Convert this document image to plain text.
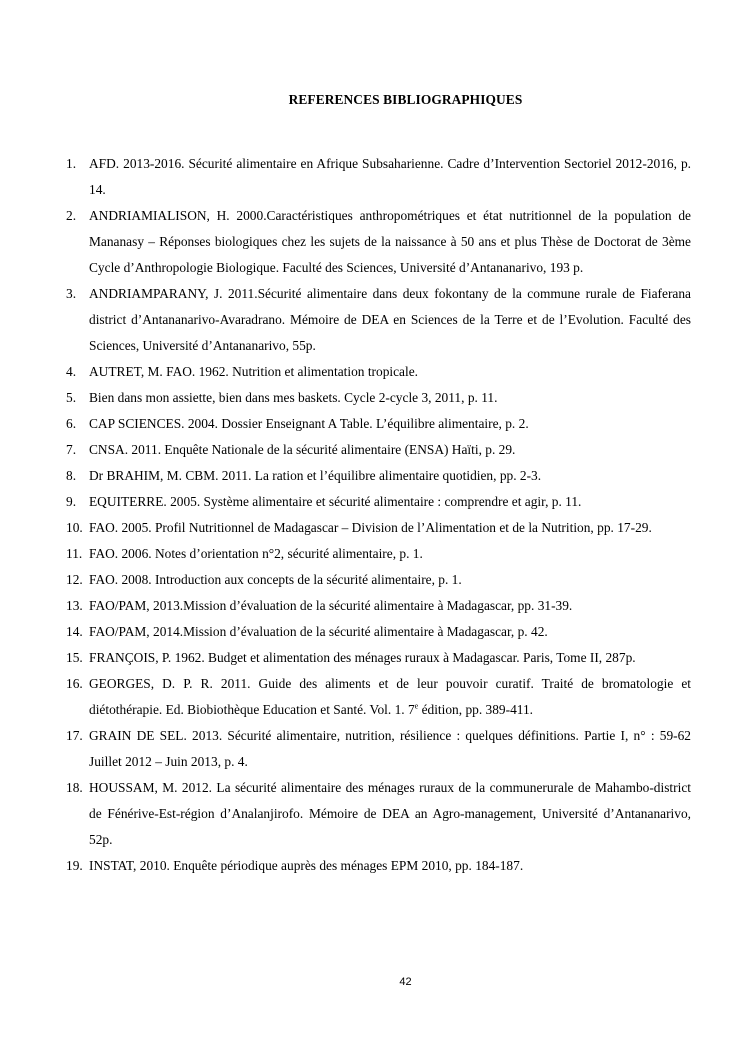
REFERENCES BIBLIOGRAPHIQUES
1. AFD. 2013-2016. Sécurité alimentaire en Afrique Subsaharienne. Cadre d’Intervention Sectoriel 2012-2016, p. 14.
2. ANDRIAMIALISON, H. 2000.Caractéristiques anthropométriques et état nutritionnel de la population de Mananasy – Réponses biologiques chez les sujets de la naissance à 50 ans et plus Thèse de Doctorat de 3ème Cycle d’Anthropologie Biologique. Faculté des Sciences, Université d’Antananarivo, 193 p.
3. ANDRIAMPARANY, J. 2011.Sécurité alimentaire dans deux fokontany de la commune rurale de Fiaferana district d’Antananarivo-Avaradrano. Mémoire de DEA en Sciences de la Terre et de l’Evolution. Faculté des Sciences, Université d’Antananarivo, 55p.
4. AUTRET, M. FAO. 1962. Nutrition et alimentation tropicale.
5. Bien dans mon assiette, bien dans mes baskets. Cycle 2-cycle 3, 2011, p. 11.
6. CAP SCIENCES. 2004. Dossier Enseignant A Table. L’équilibre alimentaire, p. 2.
7. CNSA. 2011. Enquête Nationale de la sécurité alimentaire (ENSA) Haïti, p. 29.
8. Dr BRAHIM, M. CBM. 2011. La ration et l’équilibre alimentaire quotidien, pp. 2-3.
9. EQUITERRE. 2005. Système alimentaire et sécurité alimentaire : comprendre et agir, p. 11.
10. FAO. 2005. Profil Nutritionnel de Madagascar – Division de l’Alimentation et de la Nutrition, pp. 17-29.
11. FAO. 2006. Notes d’orientation n°2, sécurité alimentaire, p. 1.
12. FAO. 2008. Introduction aux concepts de la sécurité alimentaire, p. 1.
13. FAO/PAM, 2013.Mission d’évaluation de la sécurité alimentaire à Madagascar, pp. 31-39.
14. FAO/PAM, 2014.Mission d’évaluation de la sécurité alimentaire à Madagascar, p. 42.
15. FRANÇOIS, P. 1962. Budget et alimentation des ménages ruraux à Madagascar. Paris, Tome II, 287p.
16. GEORGES, D. P. R. 2011. Guide des aliments et de leur pouvoir curatif. Traité de bromatologie et diétothérapie. Ed. Biobiothèque Education et Santé. Vol. 1. 7e édition, pp. 389-411.
17. GRAIN DE SEL. 2013. Sécurité alimentaire, nutrition, résilience : quelques définitions. Partie I, n° : 59-62 Juillet 2012 – Juin 2013, p. 4.
18. HOUSSAM, M. 2012. La sécurité alimentaire des ménages ruraux de la communerurale de Mahambo-district de Fénérive-Est-région d’Analanjirofo. Mémoire de DEA an Agro-management, Université d’Antananarivo, 52p.
19. INSTAT, 2010. Enquête périodique auprès des ménages EPM 2010, pp. 184-187.
42
